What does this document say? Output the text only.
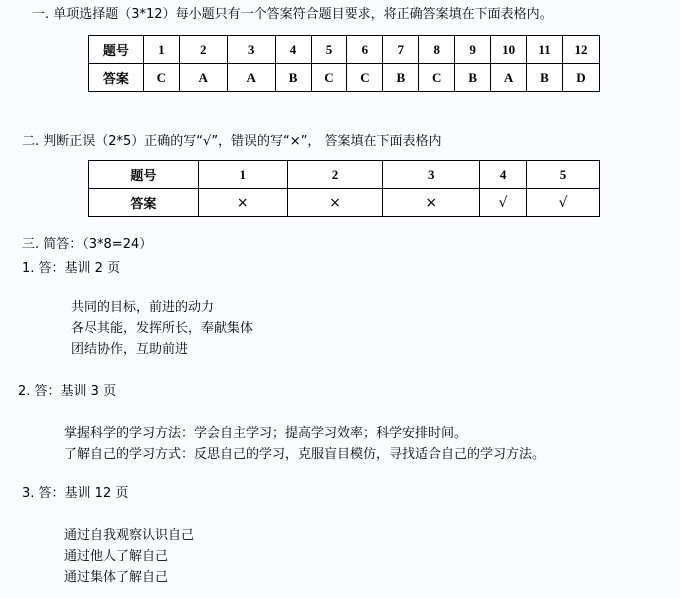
一. 单项选择题（3*12）每小题只有一个答案符合题目要求，将正确答案填在下面表格内。
题号	1	2	3	4	5	6	7	8	9	10	11	12
答案	C	A	A	B	C	C	B	C	B	A	B	D
二. 判断正误（2*5）正确的写“√”，错误的写“×”， 答案填在下面表格内
题号	1	2	3	4	5
答案	×	×	×	√	√
三. 简答：（3*8=24）
1. 答：基训 2 页
共同的目标，前进的动力
各尽其能，发挥所长，奉献集体
团结协作，互助前进
2. 答：基训 3 页
掌握科学的学习方法：学会自主学习；提高学习效率；科学安排时间。
了解自己的学习方式：反思自己的学习，克服盲目模仿，寻找适合自己的学习方法。
3. 答：基训 12 页
通过自我观察认识自己
通过他人了解自己
通过集体了解自己
